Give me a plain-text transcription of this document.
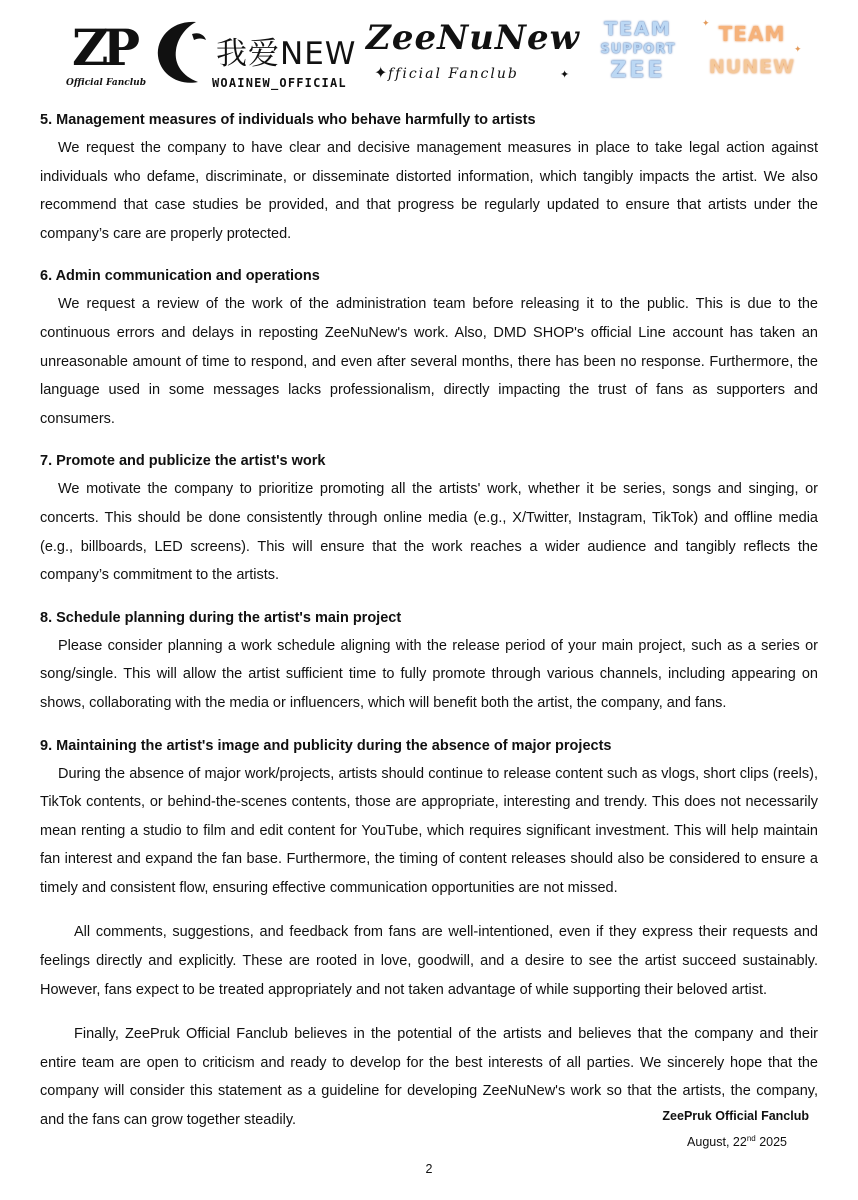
ZP
Official Fanclub
我爱NEW
WOAINEW_OFFICIAL
ZeeNuNew
✦ fficial Fanclub	✦
TEAM
SUPPORT
ZEE
✦
✦
TEAM
NUNEW

5. Management measures of individuals who behave harmfully to artists

We request the company to have clear and decisive management measures in place to take legal action against individuals who defame, discriminate, or disseminate distorted information, which tangibly impacts the artist. We also recommend that case studies be provided, and that progress be regularly updated to ensure that artists under the company’s care are properly protected.

6. Admin communication and operations

We request a review of the work of the administration team before releasing it to the public. This is due to the continuous errors and delays in reposting ZeeNuNew's work. Also, DMD SHOP's official Line account has taken an unreasonable amount of time to respond, and even after several months, there has been no response. Furthermore, the language used in some messages lacks professionalism, directly impacting the trust of fans as supporters and consumers.

7. Promote and publicize the artist's work

We motivate the company to prioritize promoting all the artists' work, whether it be series, songs and singing, or concerts. This should be done consistently through online media (e.g., X/Twitter, Instagram, TikTok) and offline media (e.g., billboards, LED screens). This will ensure that the work reaches a wider audience and tangibly reflects the company’s commitment to the artists.

8. Schedule planning during the artist's main project

Please consider planning a work schedule aligning with the release period of your main project, such as a series or song/single. This will allow the artist sufficient time to fully promote through various channels, including appearing on shows, collaborating with the media or influencers, which will benefit both the artist, the company, and fans.

9. Maintaining the artist's image and publicity during the absence of major projects

During the absence of major work/projects, artists should continue to release content such as vlogs, short clips (reels), TikTok contents, or behind-the-scenes contents, those are appropriate, interesting and trendy. This does not necessarily mean renting a studio to film and edit content for YouTube, which requires significant investment. This will help maintain fan interest and expand the fan base. Furthermore, the timing of content releases should also be considered to ensure a timely and consistent flow, ensuring effective communication opportunities are not missed.

All comments, suggestions, and feedback from fans are well-intentioned, even if they express their requests and feelings directly and explicitly. These are rooted in love, goodwill, and a desire to see the artist succeed sustainably. However, fans expect to be treated appropriately and not taken advantage of while supporting their beloved artist.

Finally, ZeePruk Official Fanclub believes in the potential of the artists and believes that the company and their entire team are open to criticism and ready to develop for the best interests of all parties. We sincerely hope that the company will consider this statement as a guideline for developing ZeeNuNew's work so that the artists, the company, and the fans can grow together steadily.	ZeePruk Official Fanclub
August, 22nd 2025
2
